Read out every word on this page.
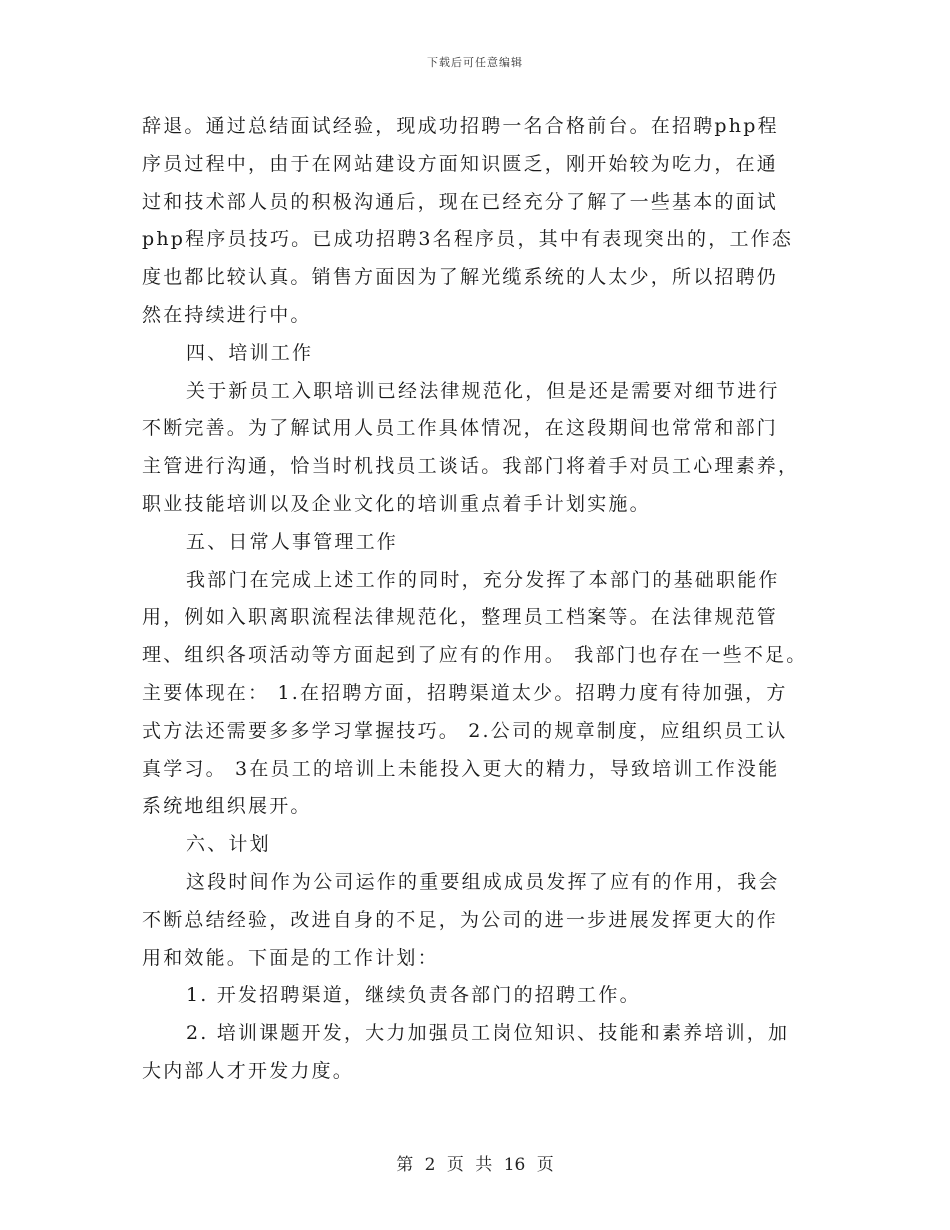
下载后可任意编辑
辞退。通过总结面试经验，现成功招聘一名合格前台。在招聘php程
序员过程中，由于在网站建设方面知识匮乏，刚开始较为吃力，在通
过和技术部人员的积极沟通后，现在已经充分了解了一些基本的面试
php程序员技巧。已成功招聘3名程序员，其中有表现突出的，工作态
度也都比较认真。销售方面因为了解光缆系统的人太少，所以招聘仍
然在持续进行中。
四、培训工作
关于新员工入职培训已经法律规范化，但是还是需要对细节进行
不断完善。为了解试用人员工作具体情况，在这段期间也常常和部门
主管进行沟通，恰当时机找员工谈话。我部门将着手对员工心理素养，
职业技能培训以及企业文化的培训重点着手计划实施。
五、日常人事管理工作
我部门在完成上述工作的同时，充分发挥了本部门的基础职能作
用，例如入职离职流程法律规范化，整理员工档案等。在法律规范管
理、组织各项活动等方面起到了应有的作用。 我部门也存在一些不足。
主要体现在： 1.在招聘方面，招聘渠道太少。招聘力度有待加强，方
式方法还需要多多学习掌握技巧。 2.公司的规章制度，应组织员工认
真学习。 3在员工的培训上未能投入更大的精力，导致培训工作没能
系统地组织展开。
六、计划
这段时间作为公司运作的重要组成成员发挥了应有的作用，我会
不断总结经验，改进自身的不足，为公司的进一步进展发挥更大的作
用和效能。下面是的工作计划：
1. 开发招聘渠道，继续负责各部门的招聘工作。
2. 培训课题开发，大力加强员工岗位知识、技能和素养培训，加
大内部人才开发力度。
第 2 页 共 16 页
